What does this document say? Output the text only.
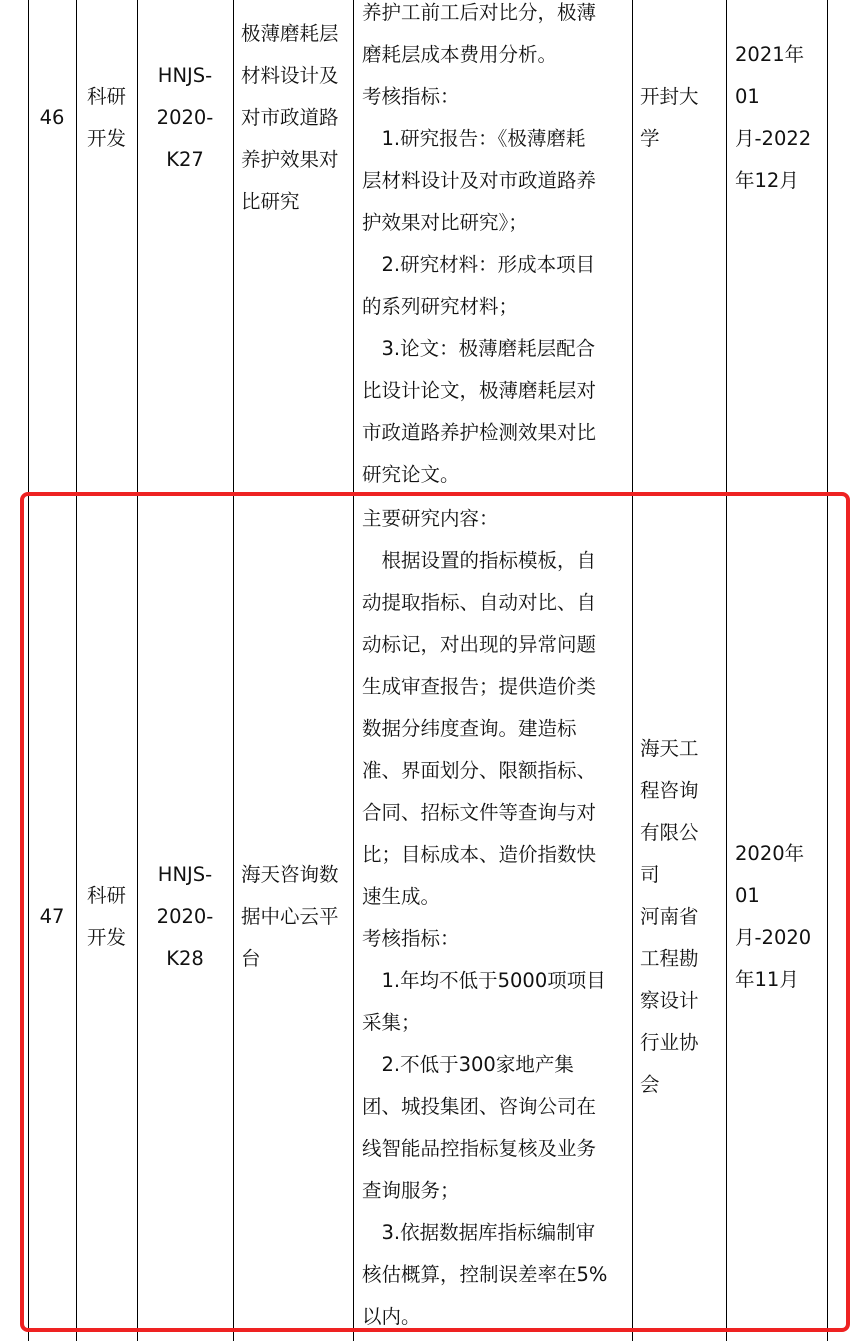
46
科研
开发
HNJS-
2020-
K27
极薄磨耗层
材料设计及
对市政道路
养护效果对
比研究
养护工前工后对比分，极薄
磨耗层成本费用分析。
考核指标：
　1.研究报告：《极薄磨耗
层材料设计及对市政道路养
护效果对比研究》；
　2.研究材料：形成本项目
的系列研究材料；
　3.论文：极薄磨耗层配合
比设计论文，极薄磨耗层对
市政道路养护检测效果对比
研究论文。
开封大
学
2021年
01
月-2022
年12月
47
科研
开发
HNJS-
2020-
K28
海天咨询数
据中心云平
台
主要研究内容：
　根据设置的指标模板，自
动提取指标、自动对比、自
动标记，对出现的异常问题
生成审查报告；提供造价类
数据分纬度查询。建造标
准、界面划分、限额指标、
合同、招标文件等查询与对
比；目标成本、造价指数快
速生成。
考核指标：
　1.年均不低于5000项项目
采集；
　2.不低于300家地产集
团、城投集团、咨询公司在
线智能品控指标复核及业务
查询服务；
　3.依据数据库指标编制审
核估概算，控制误差率在5%
以内。
海天工
程咨询
有限公
司
河南省
工程勘
察设计
行业协
会
2020年
01
月-2020
年11月
